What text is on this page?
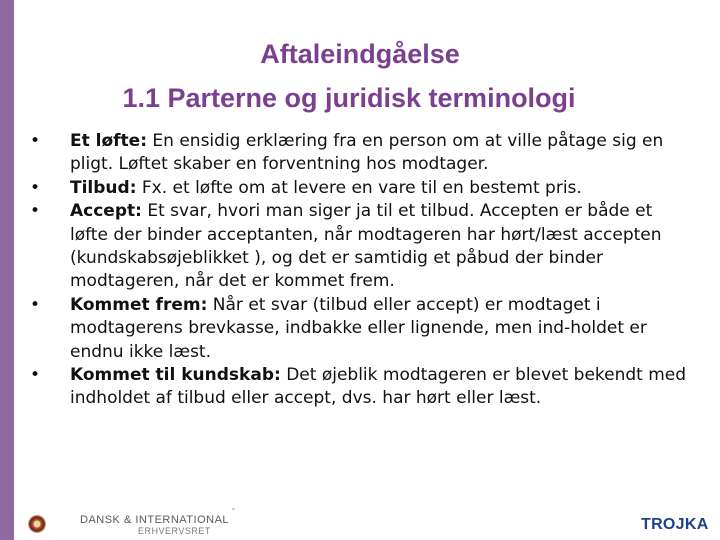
Aftaleindgåelse
1.1 Parterne og juridisk terminologi
•	Et løfte: En ensidig erklæring fra en person om at ville påtage sig en pligt. Løftet skaber en forventning hos modtager.
•	Tilbud: Fx. et løfte om at levere en vare til en bestemt pris.
•	Accept: Et svar, hvori man siger ja til et tilbud. Accepten er både et løfte der binder acceptanten, når modtageren har hørt/læst accepten (kundskabsøjeblikket ), og det er samtidig et påbud der binder modtageren, når det er kommet frem.
•	Kommet frem: Når et svar (tilbud eller accept) er modtaget i modtagerens brevkasse, indbakke eller lignende, men ind-holdet er endnu ikke læst.
•	Kommet til kundskab: Det øjeblik modtageren er blevet bekendt med indholdet af tilbud eller accept, dvs. har hørt eller læst.
DANSK & INTERNATIONAL
ERHVERVSRET	TROJKA
